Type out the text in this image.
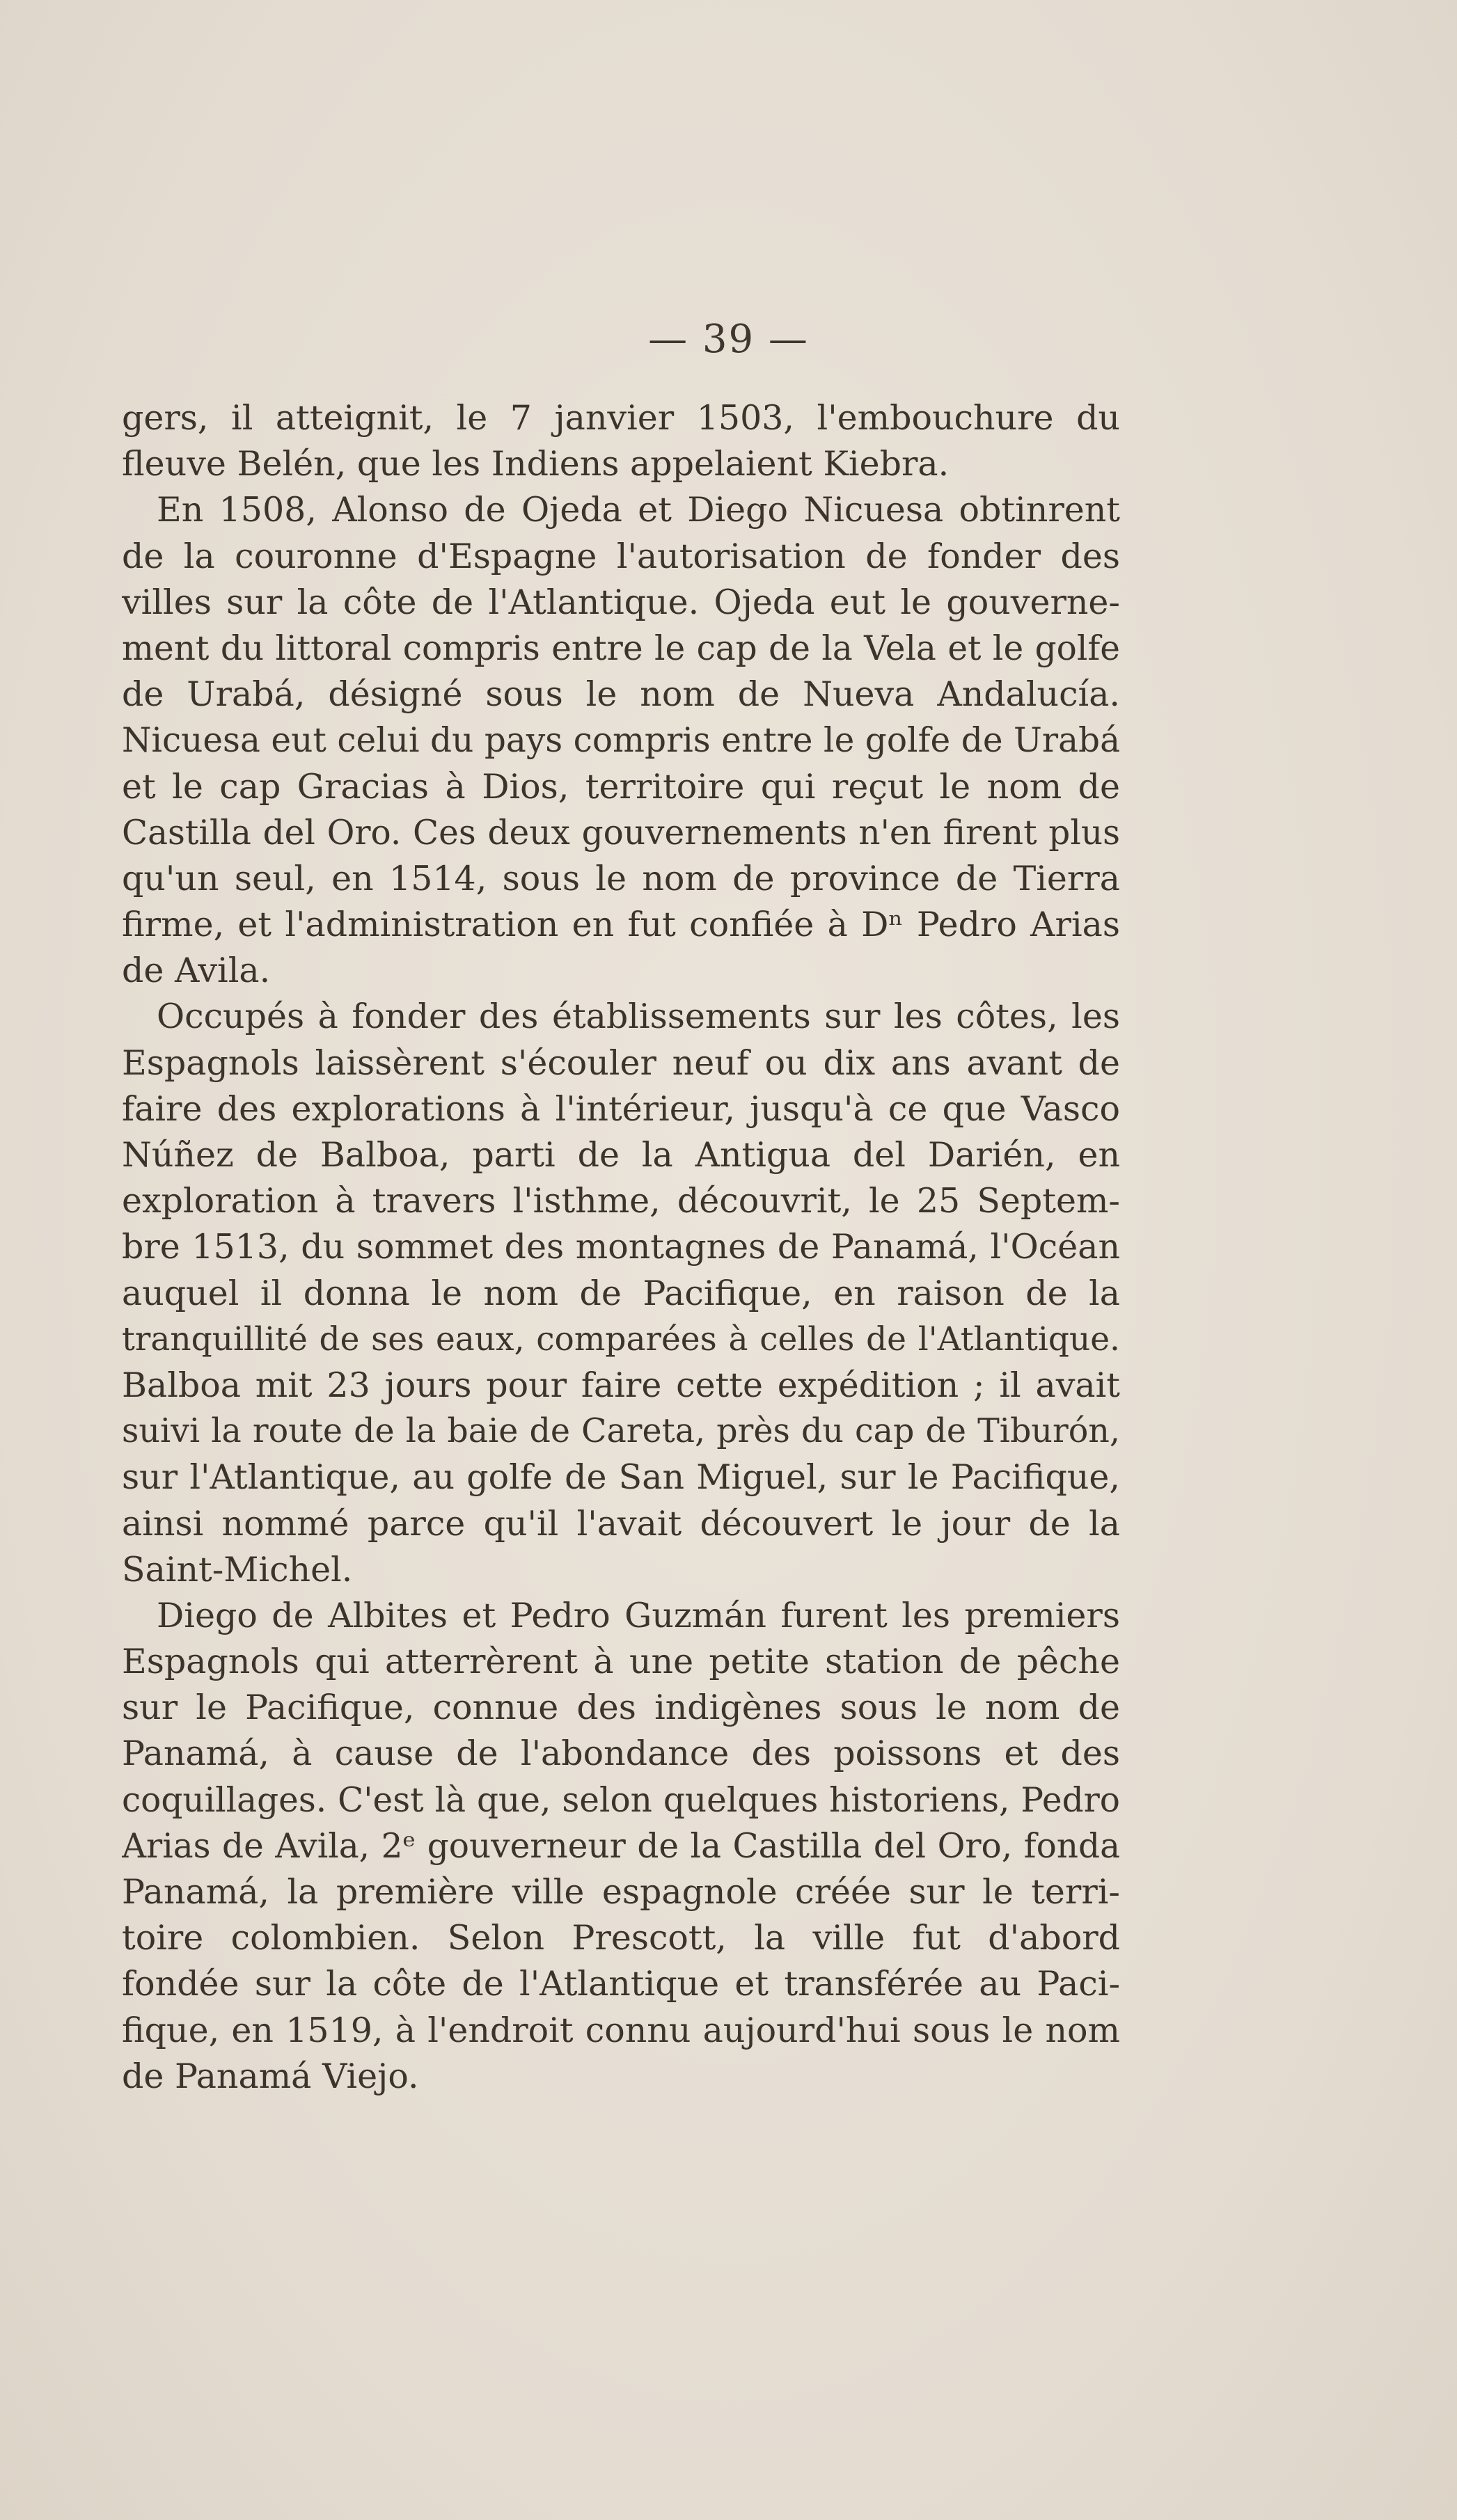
— 39 —
gers, il atteignit, le 7 janvier 1503, l'embouchure du
fleuve Belén, que les Indiens appelaient Kiebra.
En 1508, Alonso de Ojeda et Diego Nicuesa obtinrent
de la couronne d'Espagne l'autorisation de fonder des
villes sur la côte de l'Atlantique. Ojeda eut le gouverne-
ment du littoral compris entre le cap de la Vela et le golfe
de Urabá, désigné sous le nom de Nueva Andalucía.
Nicuesa eut celui du pays compris entre le golfe de Urabá
et le cap Gracias à Dios, territoire qui reçut le nom de
Castilla del Oro. Ces deux gouvernements n'en firent plus
qu'un seul, en 1514, sous le nom de province de Tierra
firme, et l'administration en fut confiée à Dⁿ Pedro Arias
de Avila.
Occupés à fonder des établissements sur les côtes, les
Espagnols laissèrent s'écouler neuf ou dix ans avant de
faire des explorations à l'intérieur, jusqu'à ce que Vasco
Núñez de Balboa, parti de la Antigua del Darién, en
exploration à travers l'isthme, découvrit, le 25 Septem-
bre 1513, du sommet des montagnes de Panamá, l'Océan
auquel il donna le nom de Pacifique, en raison de la
tranquillité de ses eaux, comparées à celles de l'Atlantique.
Balboa mit 23 jours pour faire cette expédition ; il avait
suivi la route de la baie de Careta, près du cap de Tiburón,
sur l'Atlantique, au golfe de San Miguel, sur le Pacifique,
ainsi nommé parce qu'il l'avait découvert le jour de la
Saint-Michel.
Diego de Albites et Pedro Guzmán furent les premiers
Espagnols qui atterrèrent à une petite station de pêche
sur le Pacifique, connue des indigènes sous le nom de
Panamá, à cause de l'abondance des poissons et des
coquillages. C'est là que, selon quelques historiens, Pedro
Arias de Avila, 2ᵉ gouverneur de la Castilla del Oro, fonda
Panamá, la première ville espagnole créée sur le terri-
toire colombien. Selon Prescott, la ville fut d'abord
fondée sur la côte de l'Atlantique et transférée au Paci-
fique, en 1519, à l'endroit connu aujourd'hui sous le nom
de Panamá Viejo.
